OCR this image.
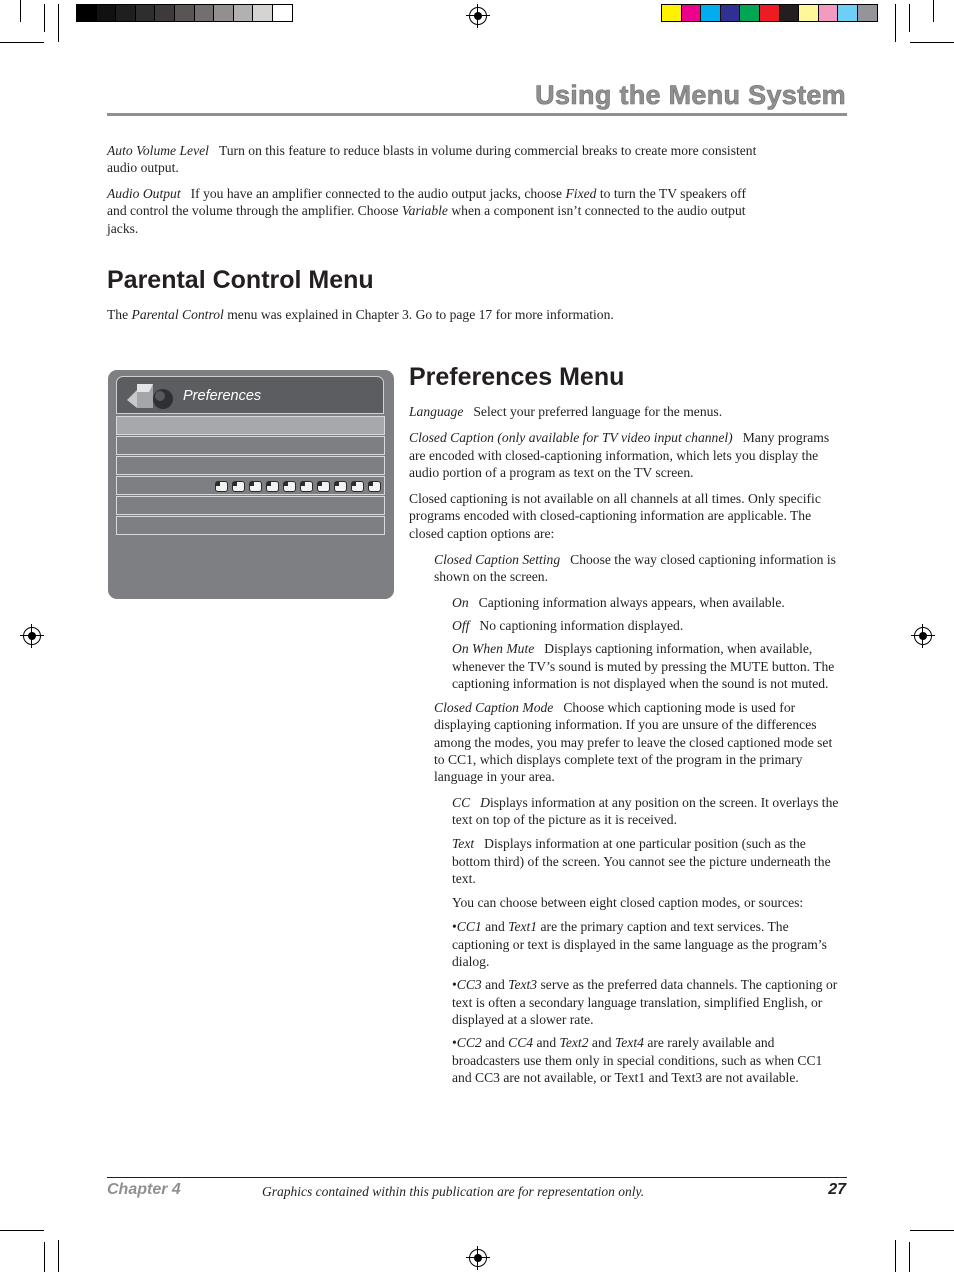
Using the Menu System

Auto Volume Level Turn on this feature to reduce blasts in volume during commercial breaks to create more consistent audio output.

Audio Output If you have an amplifier connected to the audio output jacks, choose Fixed to turn the TV speakers off and control the volume through the amplifier. Choose Variable when a component isn’t connected to the audio output jacks.

Parental Control Menu

The Parental Control menu was explained in Chapter 3. Go to page 17 for more information.

Preferences
Preferences Menu

Language Select your preferred language for the menus.

Closed Caption (only available for TV video input channel) Many programs are encoded with closed-captioning information, which lets you display the audio portion of a program as text on the TV screen.

Closed captioning is not available on all channels at all times. Only specific programs encoded with closed-captioning information are applicable. The closed caption options are:

Closed Caption Setting Choose the way closed captioning information is shown on the screen.

On Captioning information always appears, when available.

Off No captioning information displayed.

On When Mute Displays captioning information, when available, whenever the TV’s sound is muted by pressing the MUTE button. The captioning information is not displayed when the sound is not muted.

Closed Caption Mode Choose which captioning mode is used for displaying captioning information. If you are unsure of the differences among the modes, you may prefer to leave the closed captioned mode set to CC1, which displays complete text of the program in the primary language in your area.

CC Displays information at any position on the screen. It overlays the text on top of the picture as it is received.

Text Displays information at one particular position (such as the bottom third) of the screen. You cannot see the picture underneath the text.

You can choose between eight closed caption modes, or sources:

•CC1 and Text1 are the primary caption and text services. The captioning or text is displayed in the same language as the program’s dialog.

•CC3 and Text3 serve as the preferred data channels. The captioning or text is often a secondary language translation, simplified English, or displayed at a slower rate.

•CC2 and CC4 and Text2 and Text4 are rarely available and broadcasters use them only in special conditions, such as when CC1 and CC3 are not available, or Text1 and Text3 are not available.

Chapter 4	Graphics contained within this publication are for representation only.	27
